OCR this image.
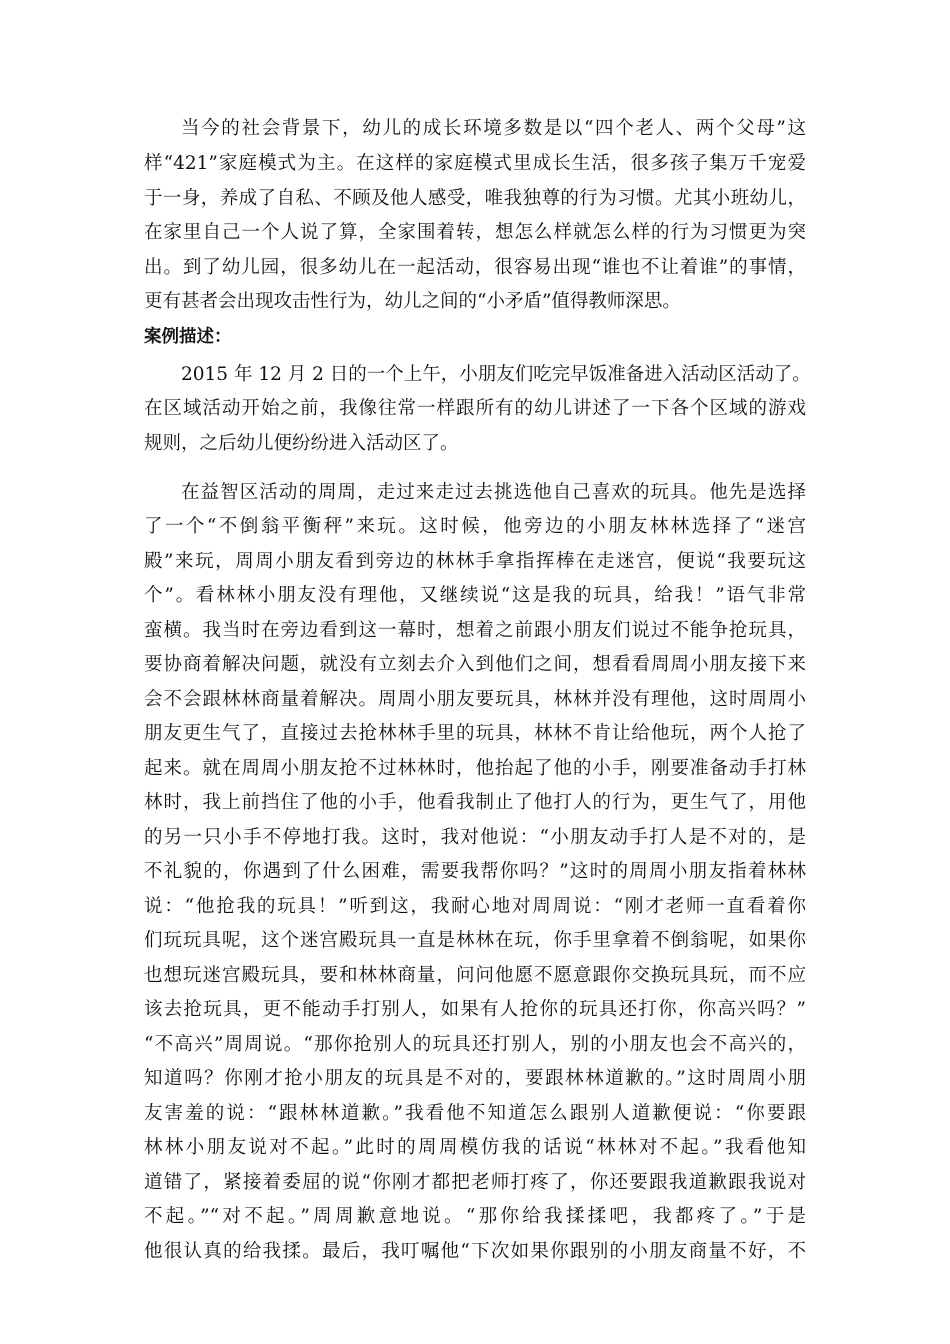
当今的社会背景下，幼儿的成长环境多数是以“四个老人、两个父母”这
样“421”家庭模式为主。在这样的家庭模式里成长生活，很多孩子集万千宠爱
于一身，养成了自私、不顾及他人感受，唯我独尊的行为习惯。尤其小班幼儿，
在家里自己一个人说了算，全家围着转，想怎么样就怎么样的行为习惯更为突
出。到了幼儿园，很多幼儿在一起活动，很容易出现“谁也不让着谁”的事情，
更有甚者会出现攻击性行为，幼儿之间的“小矛盾”值得教师深思。
案例描述：
2015 年 12 月 2 日的一个上午，小朋友们吃完早饭准备进入活动区活动了。
在区域活动开始之前，我像往常一样跟所有的幼儿讲述了一下各个区域的游戏
规则，之后幼儿便纷纷进入活动区了。
在益智区活动的周周，走过来走过去挑选他自己喜欢的玩具。他先是选择
了一个“不倒翁平衡秤”来玩。这时候，他旁边的小朋友林林选择了“迷宫
殿”来玩，周周小朋友看到旁边的林林手拿指挥棒在走迷宫，便说“我要玩这
个”。看林林小朋友没有理他，又继续说“这是我的玩具，给我！”语气非常
蛮横。我当时在旁边看到这一幕时，想着之前跟小朋友们说过不能争抢玩具，
要协商着解决问题，就没有立刻去介入到他们之间，想看看周周小朋友接下来
会不会跟林林商量着解决。周周小朋友要玩具，林林并没有理他，这时周周小
朋友更生气了，直接过去抢林林手里的玩具，林林不肯让给他玩，两个人抢了
起来。就在周周小朋友抢不过林林时，他抬起了他的小手，刚要准备动手打林
林时，我上前挡住了他的小手，他看我制止了他打人的行为，更生气了，用他
的另一只小手不停地打我。这时，我对他说：“小朋友动手打人是不对的，是
不礼貌的，你遇到了什么困难，需要我帮你吗？”这时的周周小朋友指着林林
说：“他抢我的玩具！”听到这，我耐心地对周周说：“刚才老师一直看着你
们玩玩具呢，这个迷宫殿玩具一直是林林在玩，你手里拿着不倒翁呢，如果你
也想玩迷宫殿玩具，要和林林商量，问问他愿不愿意跟你交换玩具玩，而不应
该去抢玩具，更不能动手打别人，如果有人抢你的玩具还打你，你高兴吗？”
“不高兴”周周说。“那你抢别人的玩具还打别人，别的小朋友也会不高兴的，
知道吗？你刚才抢小朋友的玩具是不对的，要跟林林道歉的。”这时周周小朋
友害羞的说：“跟林林道歉。”我看他不知道怎么跟别人道歉便说：“你要跟
林林小朋友说对不起。”此时的周周模仿我的话说“林林对不起。”我看他知
道错了，紧接着委屈的说“你刚才都把老师打疼了，你还要跟我道歉跟我说对
不起。”“对不起。”周周歉意地说。“那你给我揉揉吧，我都疼了。”于是
他很认真的给我揉。最后，我叮嘱他“下次如果你跟别的小朋友商量不好，不
